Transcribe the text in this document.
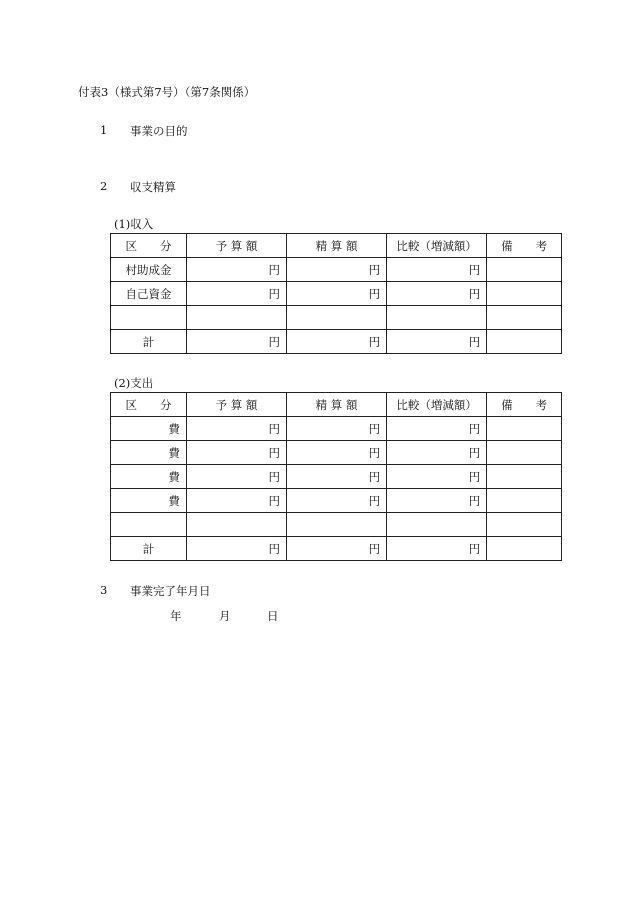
付表3（様式第7号）（第7条関係）
1 事業の目的
2 収支精算
(1)収入
区　　分	予 算 額	精 算 額	比較（増減額）	備　　考
村助成金	円	円	円	
自己資金	円	円	円	

計	円	円	円	
(2)支出
区　　分	予 算 額	精 算 額	比較（増減額）	備　　考
費	円	円	円	
費	円	円	円	
費	円	円	円	
費	円	円	円	

計	円	円	円	
3 事業完了年月日
年	月	日
